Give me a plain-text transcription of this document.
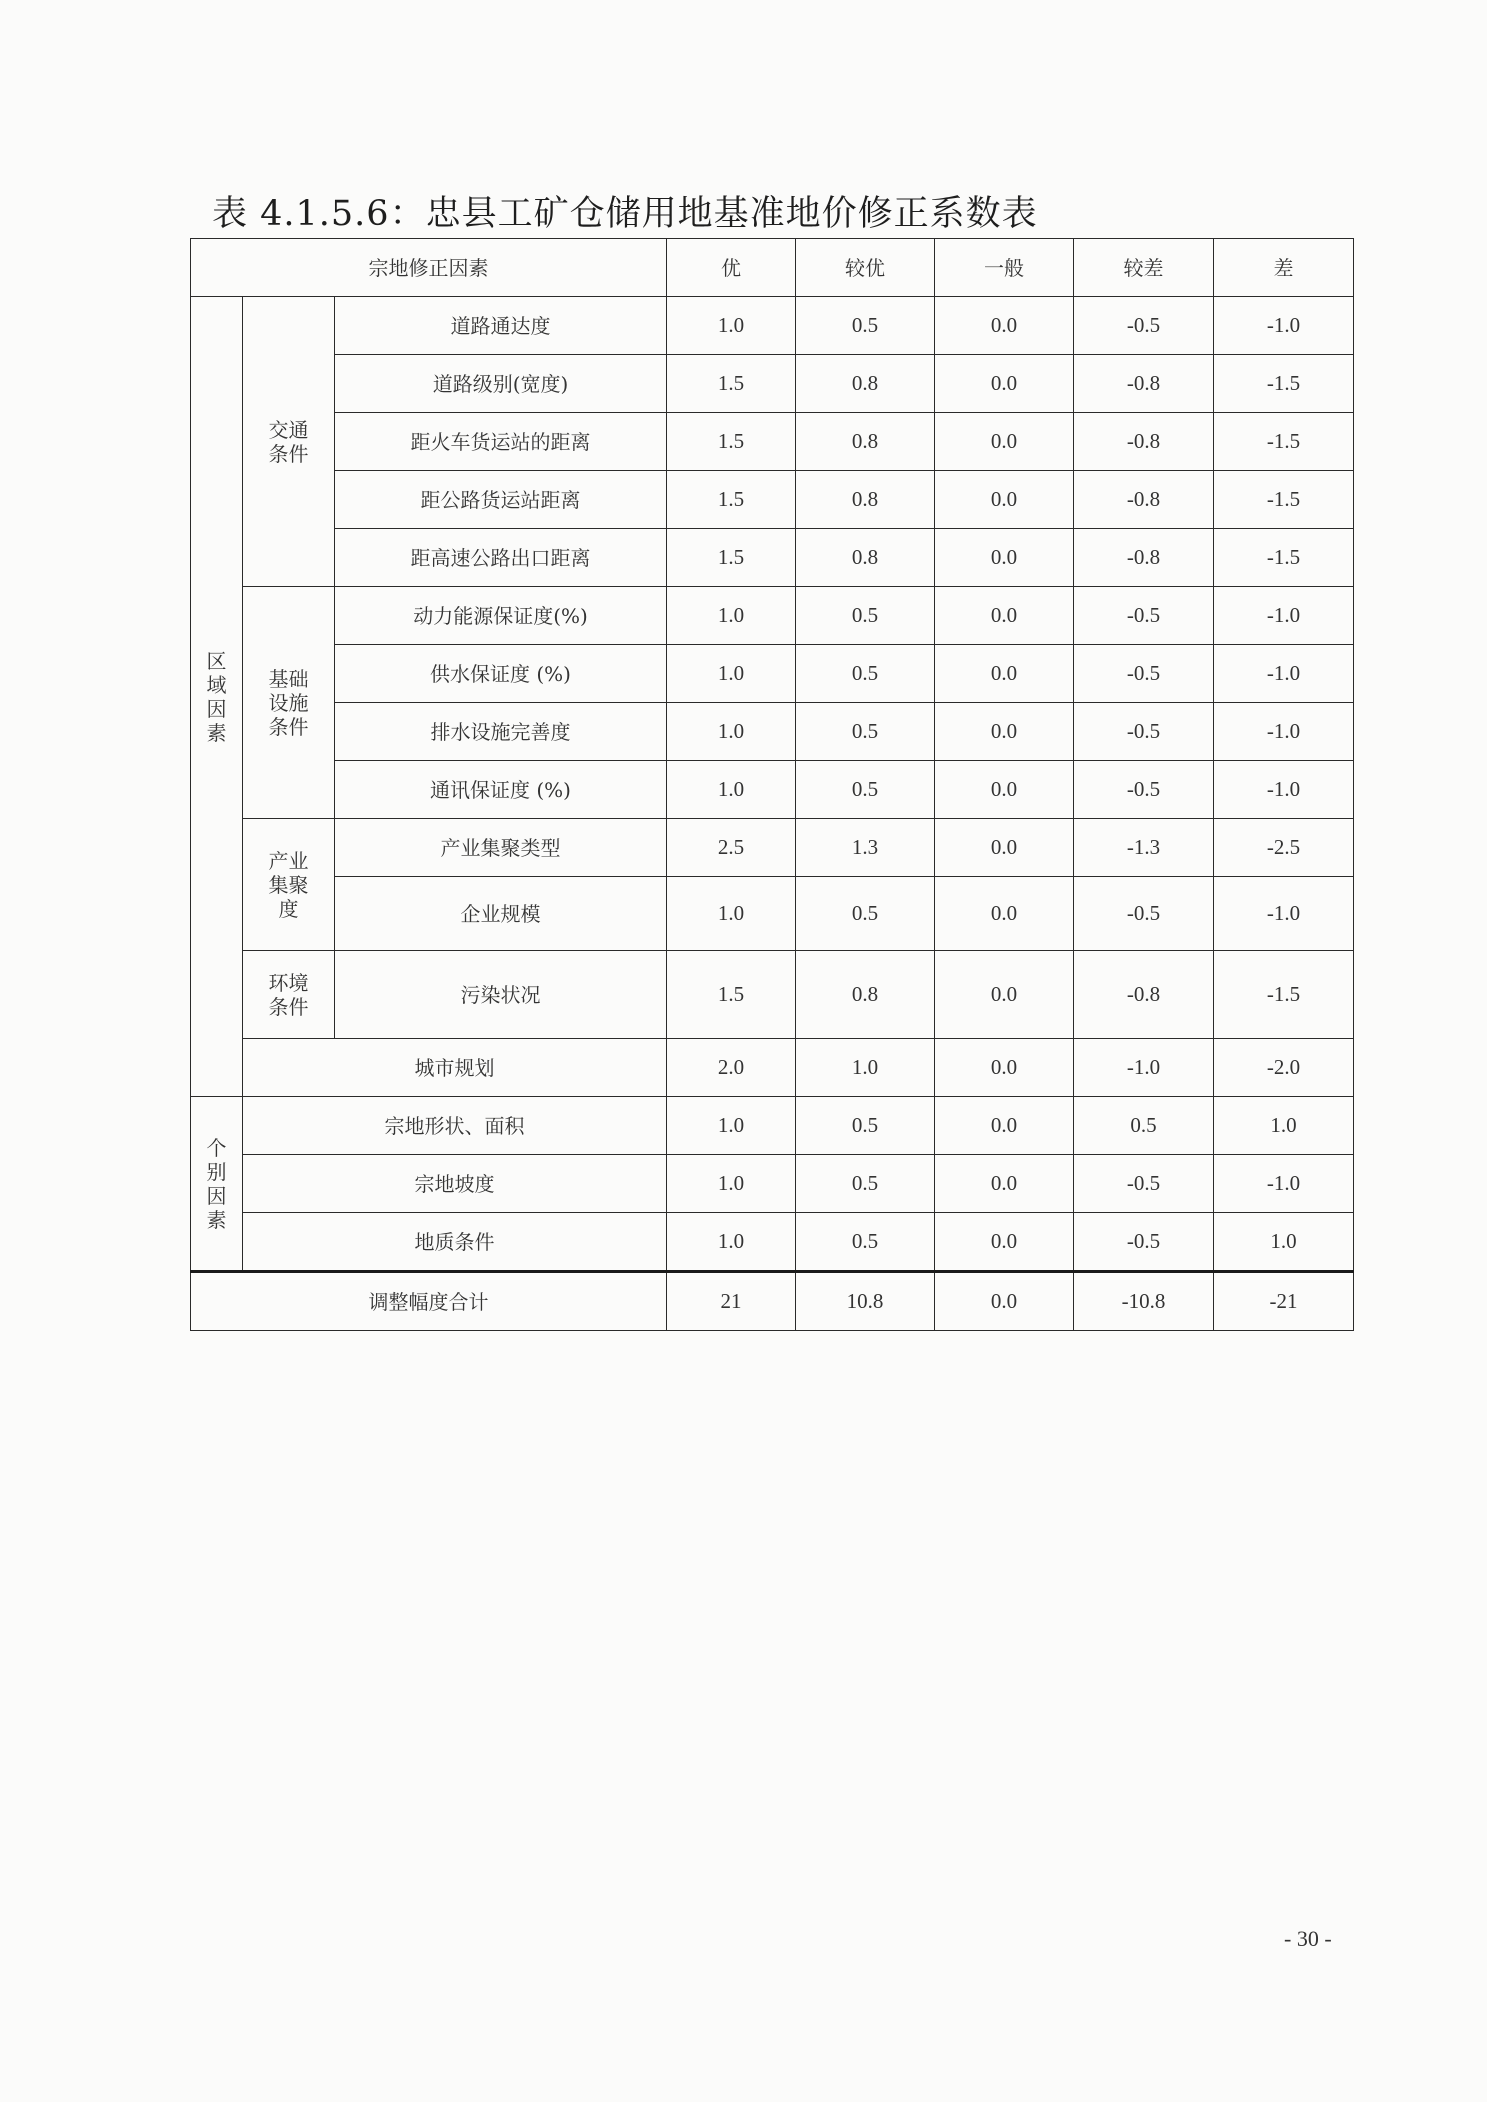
表 4.1.5.6：忠县工矿仓储用地基准地价修正系数表
宗地修正因素			优	较优	一般	较差	差
区
域
因
素	交通
条件	道路通达度	1.0	0.5	0.0	-0.5	-1.0
		道路级别(宽度)	1.5	0.8	0.0	-0.8	-1.5
		距火车货运站的距离	1.5	0.8	0.0	-0.8	-1.5
		距公路货运站距离	1.5	0.8	0.0	-0.8	-1.5
		距高速公路出口距离	1.5	0.8	0.0	-0.8	-1.5
	基础
设施
条件	动力能源保证度(%)	1.0	0.5	0.0	-0.5	-1.0
		供水保证度 (%)	1.0	0.5	0.0	-0.5	-1.0
		排水设施完善度	1.0	0.5	0.0	-0.5	-1.0
		通讯保证度 (%)	1.0	0.5	0.0	-0.5	-1.0
	产业
集聚
度	产业集聚类型	2.5	1.3	0.0	-1.3	-2.5
		企业规模	1.0	0.5	0.0	-0.5	-1.0
	环境
条件	污染状况	1.5	0.8	0.0	-0.8	-1.5
	城市规划		2.0	1.0	0.0	-1.0	-2.0
个
别
因
素	宗地形状、面积		1.0	0.5	0.0	0.5	1.0
	宗地坡度		1.0	0.5	0.0	-0.5	-1.0
	地质条件		1.0	0.5	0.0	-0.5	1.0
调整幅度合计			21	10.8	0.0	-10.8	-21
- 30 -
